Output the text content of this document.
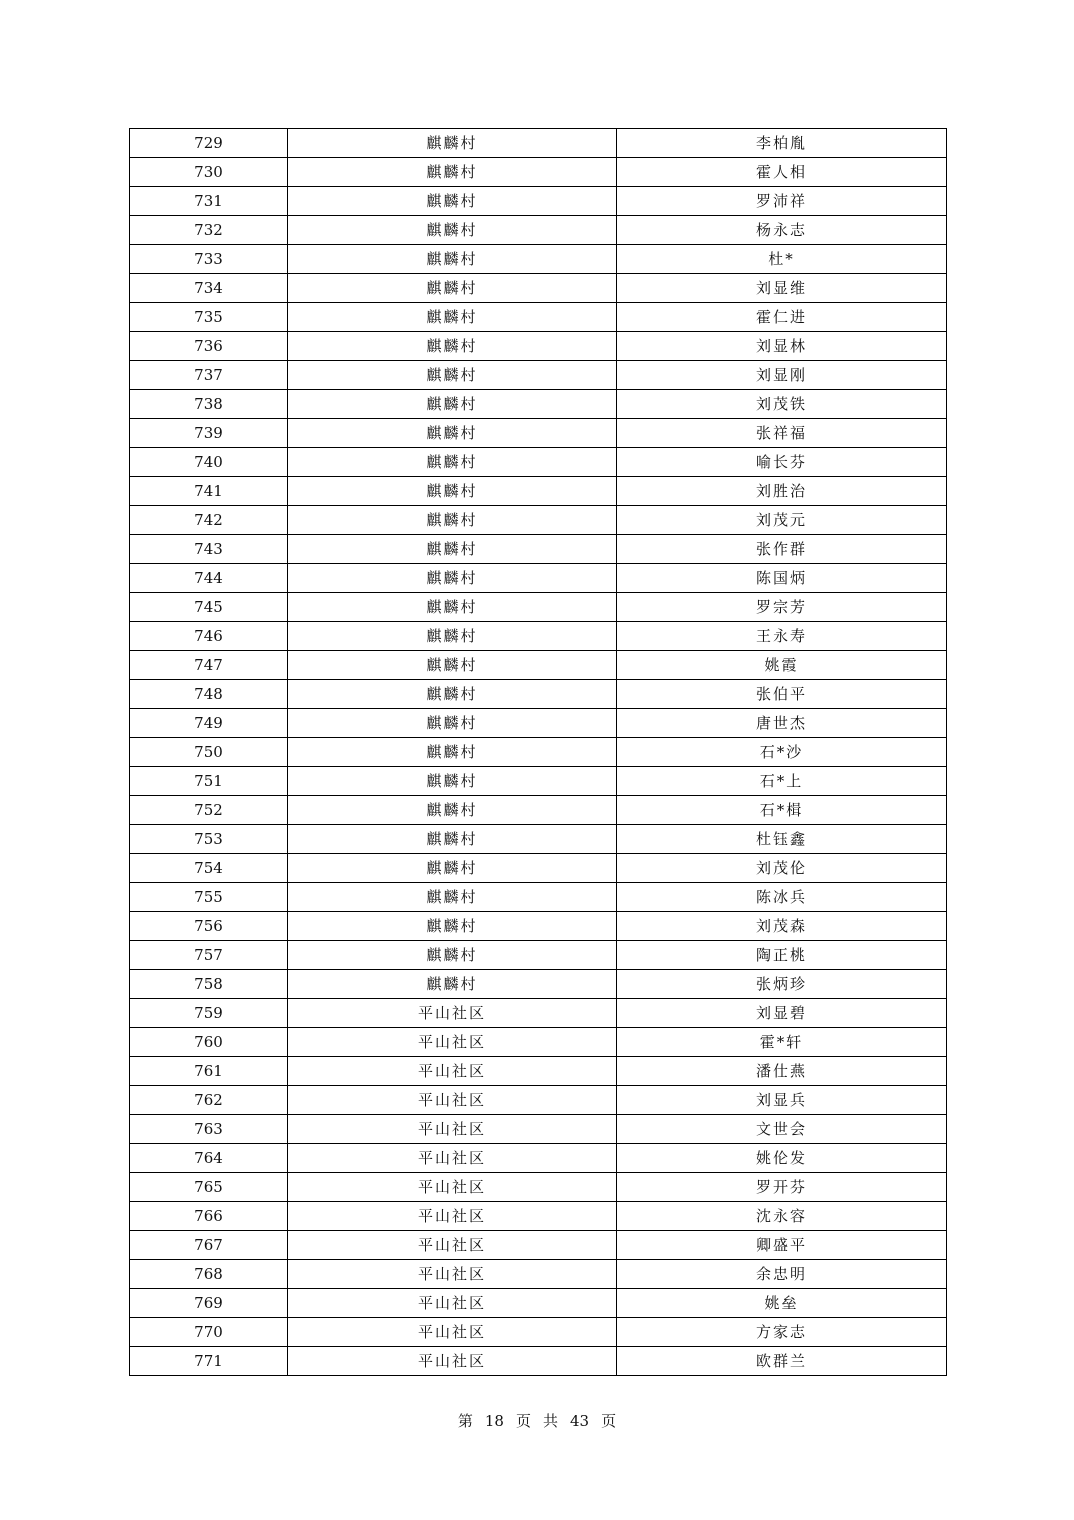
729	麒麟村	李柏胤
730	麒麟村	霍人相
731	麒麟村	罗沛祥
732	麒麟村	杨永志
733	麒麟村	杜*
734	麒麟村	刘显维
735	麒麟村	霍仁进
736	麒麟村	刘显林
737	麒麟村	刘显刚
738	麒麟村	刘茂铁
739	麒麟村	张祥福
740	麒麟村	喻长芬
741	麒麟村	刘胜治
742	麒麟村	刘茂元
743	麒麟村	张作群
744	麒麟村	陈国炳
745	麒麟村	罗宗芳
746	麒麟村	王永寿
747	麒麟村	姚霞
748	麒麟村	张伯平
749	麒麟村	唐世杰
750	麒麟村	石*沙
751	麒麟村	石*上
752	麒麟村	石*楫
753	麒麟村	杜钰鑫
754	麒麟村	刘茂伦
755	麒麟村	陈冰兵
756	麒麟村	刘茂森
757	麒麟村	陶正桃
758	麒麟村	张炳珍
759	平山社区	刘显碧
760	平山社区	霍*轩
761	平山社区	潘仕燕
762	平山社区	刘显兵
763	平山社区	文世会
764	平山社区	姚伦发
765	平山社区	罗开芬
766	平山社区	沈永容
767	平山社区	卿盛平
768	平山社区	余忠明
769	平山社区	姚垒
770	平山社区	方家志
771	平山社区	欧群兰
第 18 页 共 43 页
